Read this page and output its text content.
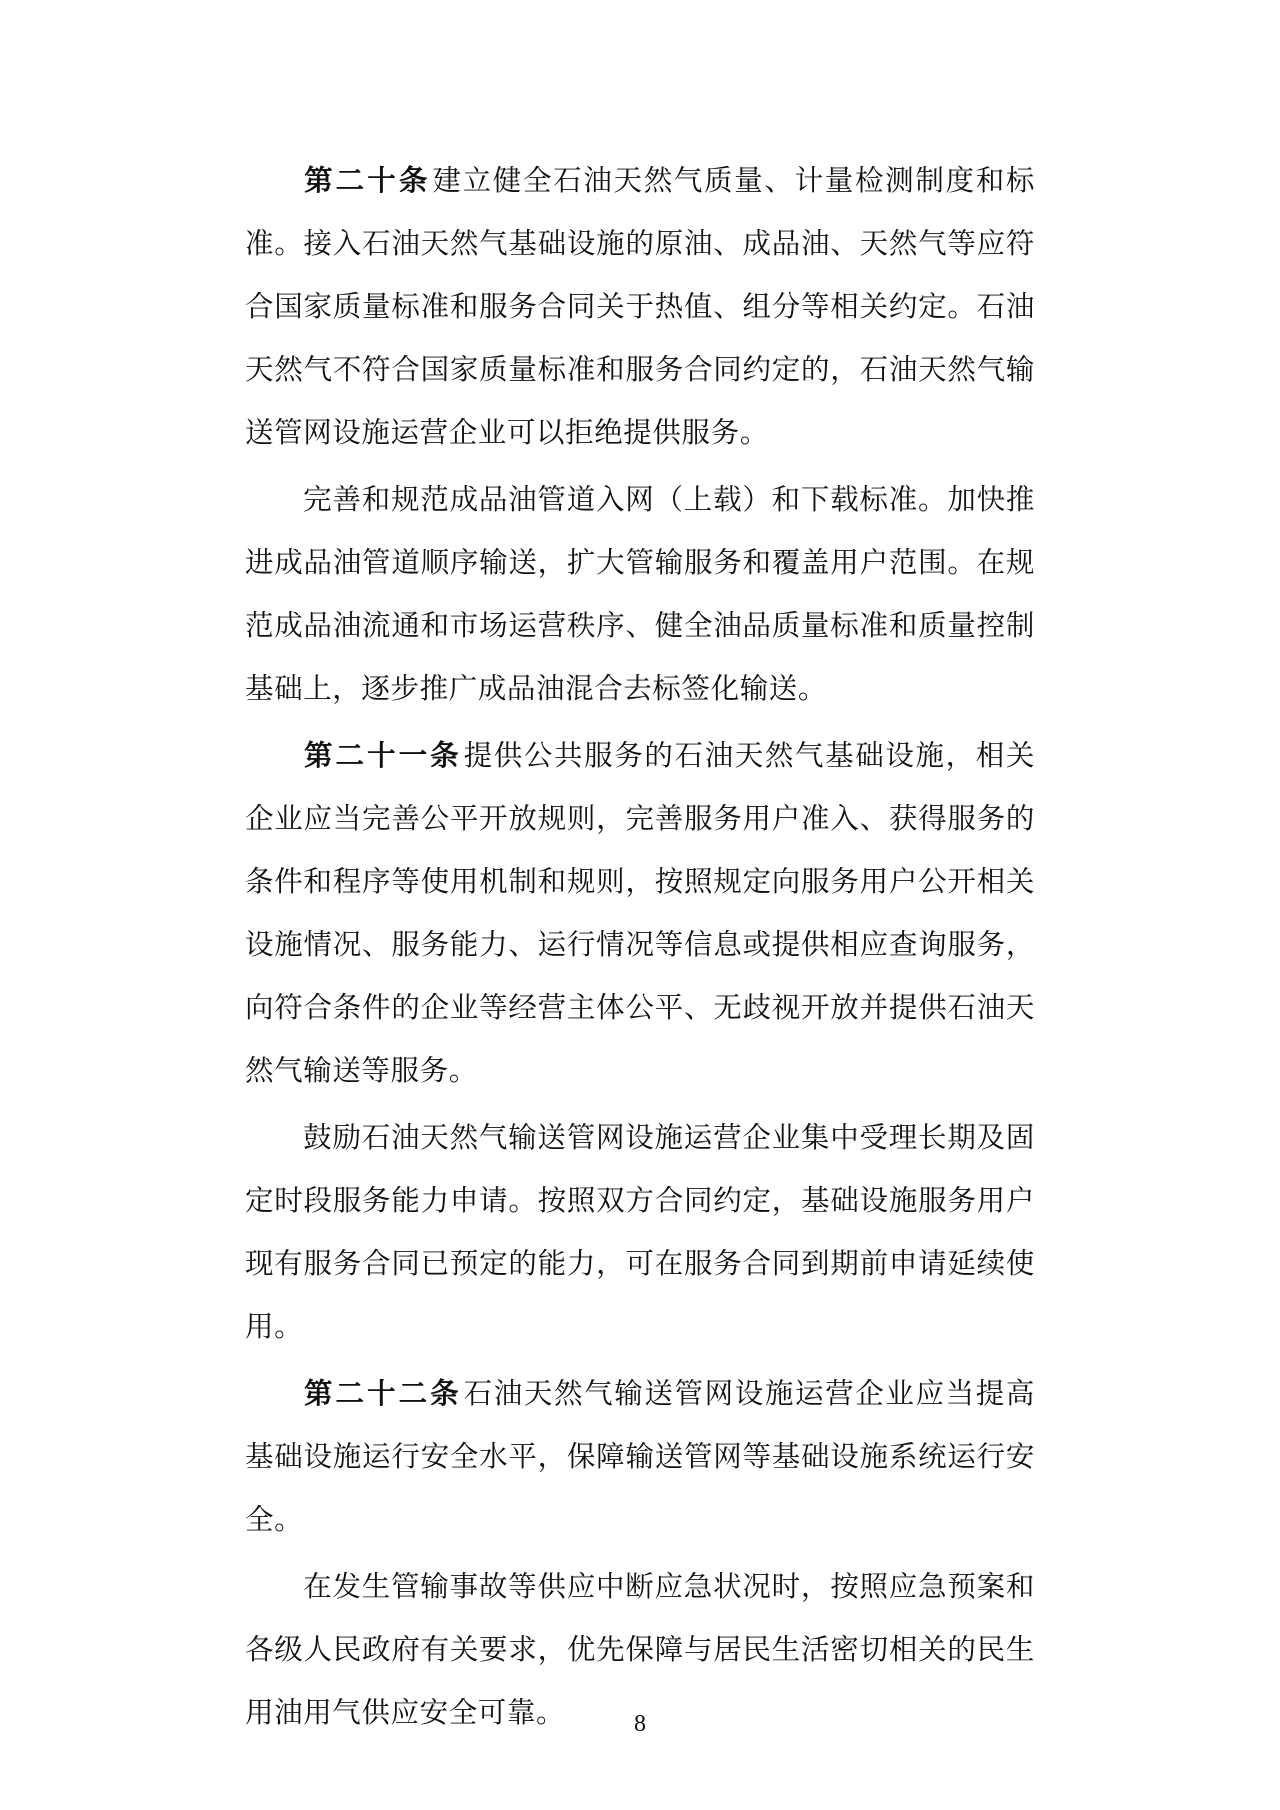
第二十条建立健全石油天然气质量、计量检测制度和标准。接入石油天然气基础设施的原油、成品油、天然气等应符合国家质量标准和服务合同关于热值、组分等相关约定。石油天然气不符合国家质量标准和服务合同约定的，石油天然气输送管网设施运营企业可以拒绝提供服务。

完善和规范成品油管道入网（上载）和下载标准。加快推进成品油管道顺序输送，扩大管输服务和覆盖用户范围。在规范成品油流通和市场运营秩序、健全油品质量标准和质量控制基础上，逐步推广成品油混合去标签化输送。

第二十一条提供公共服务的石油天然气基础设施，相关企业应当完善公平开放规则，完善服务用户准入、获得服务的条件和程序等使用机制和规则，按照规定向服务用户公开相关设施情况、服务能力、运行情况等信息或提供相应查询服务，向符合条件的企业等经营主体公平、无歧视开放并提供石油天然气输送等服务。

鼓励石油天然气输送管网设施运营企业集中受理长期及固定时段服务能力申请。按照双方合同约定，基础设施服务用户现有服务合同已预定的能力，可在服务合同到期前申请延续使用。

第二十二条石油天然气输送管网设施运营企业应当提高基础设施运行安全水平，保障输送管网等基础设施系统运行安全。

在发生管输事故等供应中断应急状况时，按照应急预案和各级人民政府有关要求，优先保障与居民生活密切相关的民生用油用气供应安全可靠。	8
